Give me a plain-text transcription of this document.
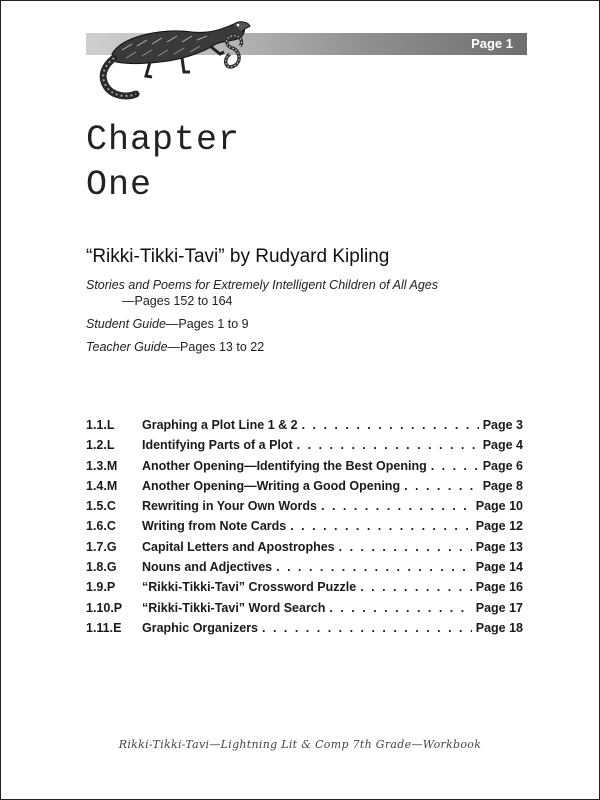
Page 1
Chapter
One
“Rikki-Tikki-Tavi” by Rudyard Kipling
Stories and Poems for Extremely Intelligent Children of All Ages
—Pages 152 to 164
Student Guide—Pages 1 to 9
Teacher Guide—Pages 13 to 22
1.1.L	Graphing a Plot Line 1 & 2 . . .	Page 3
1.2.L	Identifying Parts of a Plot . . .	Page 4
1.3.M	Another Opening—Identifying the Best Opening . . .	Page 6
1.4.M	Another Opening—Writing a Good Opening . . .	Page 8
1.5.C	Rewriting in Your Own Words . . .	Page 10
1.6.C	Writing from Note Cards . . .	Page 12
1.7.G	Capital Letters and Apostrophes . . .	Page 13
1.8.G	Nouns and Adjectives . . .	Page 14
1.9.P	“Rikki-Tikki-Tavi” Crossword Puzzle . . .	Page 16
1.10.P	“Rikki-Tikki-Tavi” Word Search . . .	Page 17
1.11.E	Graphic Organizers . . .	Page 18
Rikki-Tikki-Tavi—Lightning Lit & Comp 7th Grade—Workbook
